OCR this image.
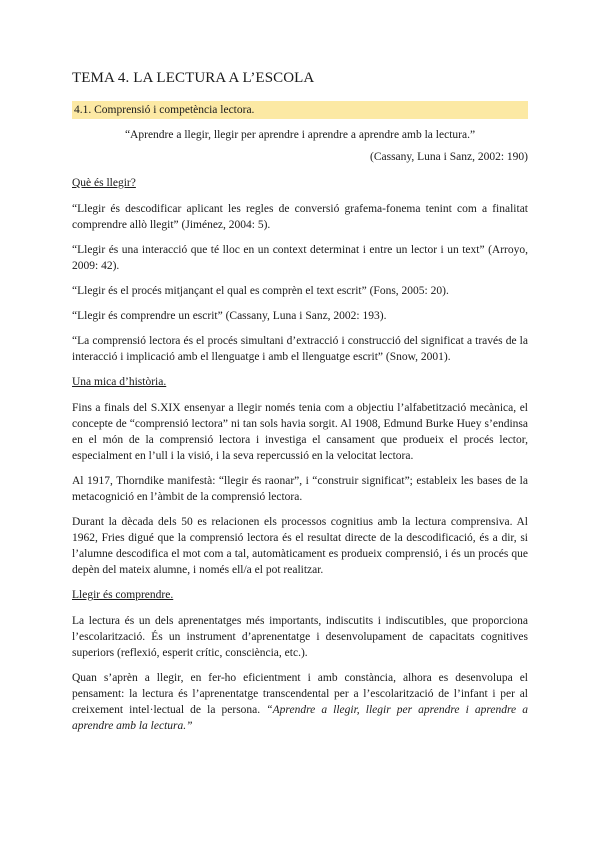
TEMA 4. LA LECTURA A L’ESCOLA
4.1. Comprensió i competència lectora.

“Aprendre a llegir, llegir per aprendre i aprendre a aprendre amb la lectura.”

(Cassany, Luna i Sanz, 2002: 190)

Què és llegir?

“Llegir és descodificar aplicant les regles de conversió grafema-fonema tenint com a finalitat comprendre allò llegit” (Jiménez, 2004: 5).

“Llegir és una interacció que té lloc en un context determinat i entre un lector i un text” (Arroyo, 2009: 42).

“Llegir és el procés mitjançant el qual es comprèn el text escrit” (Fons, 2005: 20).

“Llegir és comprendre un escrit” (Cassany, Luna i Sanz, 2002: 193).

“La comprensió lectora és el procés simultani d’extracció i construcció del significat a través de la interacció i implicació amb el llenguatge i amb el llenguatge escrit” (Snow, 2001).

Una mica d’història.

Fins a finals del S.XIX ensenyar a llegir només tenia com a objectiu l’alfabetització mecànica, el concepte de “comprensió lectora” ni tan sols havia sorgit. Al 1908, Edmund Burke Huey s’endinsa en el món de la comprensió lectora i investiga el cansament que produeix el procés lector, especialment en l’ull i la visió, i la seva repercussió en la velocitat lectora.

Al 1917, Thorndike manifestà: “llegir és raonar”, i “construir significat”; estableix les bases de la metacognició en l’àmbit de la comprensió lectora.

Durant la dècada dels 50 es relacionen els processos cognitius amb la lectura comprensiva. Al 1962, Fries digué que la comprensió lectora és el resultat directe de la descodificació, és a dir, si l’alumne descodifica el mot com a tal, automàticament es produeix comprensió, i és un procés que depèn del mateix alumne, i només ell/a el pot realitzar.

Llegir és comprendre.

La lectura és un dels aprenentatges més importants, indiscutits i indiscutibles, que proporciona l’escolarització. És un instrument d’aprenentatge i desenvolupament de capacitats cognitives superiors (reflexió, esperit crític, consciència, etc.).

Quan s’aprèn a llegir, en fer-ho eficientment i amb constància, alhora es desenvolupa el pensament: la lectura és l’aprenentatge transcendental per a l’escolarització de l’infant i per al creixement intel·lectual de la persona. “Aprendre a llegir, llegir per aprendre i aprendre a aprendre amb la lectura.”
